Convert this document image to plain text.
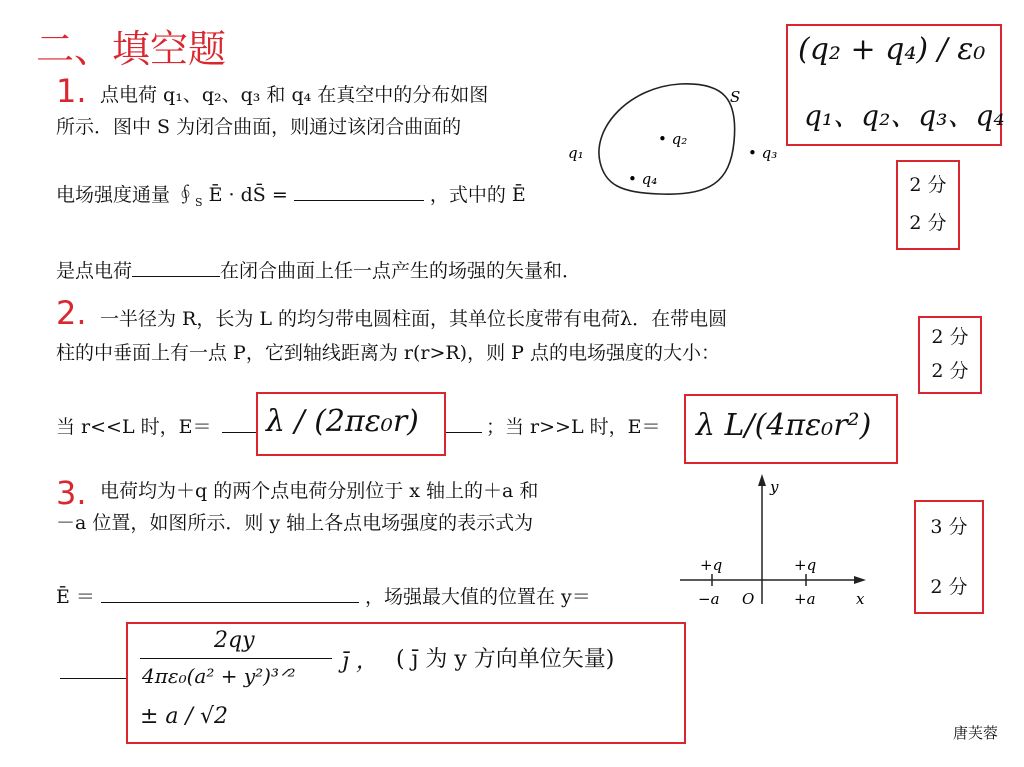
二、填空题
1. 点电荷 q₁、q₂、q₃ 和 q₄ 在真空中的分布如图
所示．图中 S 为闭合曲面，则通过该闭合曲面的
电场强度通量 $∮_S$ Ē · dS̄ =	，式中的 Ē
是点电荷	在闭合曲面上任一点产生的场强的矢量和．
S
q₁
• q₂
• q₃
• q₄
(q₂ + q₄) / ε₀
q₁、q₂、q₃、q₄
2 分
2 分
2. 一半径为 R，长为 L 的均匀带电圆柱面，其单位长度带有电荷λ．在带电圆
柱的中垂面上有一点 P，它到轴线距离为 r(r>R)，则 P 点的电场强度的大小：
当 r<<L 时，E＝	；当 r>>L 时，E＝
λ / (2πε₀r)	λ L/(4πε₀r²)
2 分
2 分
3. 电荷均为＋q 的两个点电荷分别位于 x 轴上的＋a 和
－a 位置，如图所示．则 y 轴上各点电场强度的表示式为
Ē ＝	，场强最大值的位置在 y＝
y
x
O
+q	+q
−a	+a
2qy
4πε₀(a² + y²)³ᐟ²
j̄ ， ( j̄ 为 y 方向单位矢量)
± a / √2
3 分
2 分
唐芙蓉
